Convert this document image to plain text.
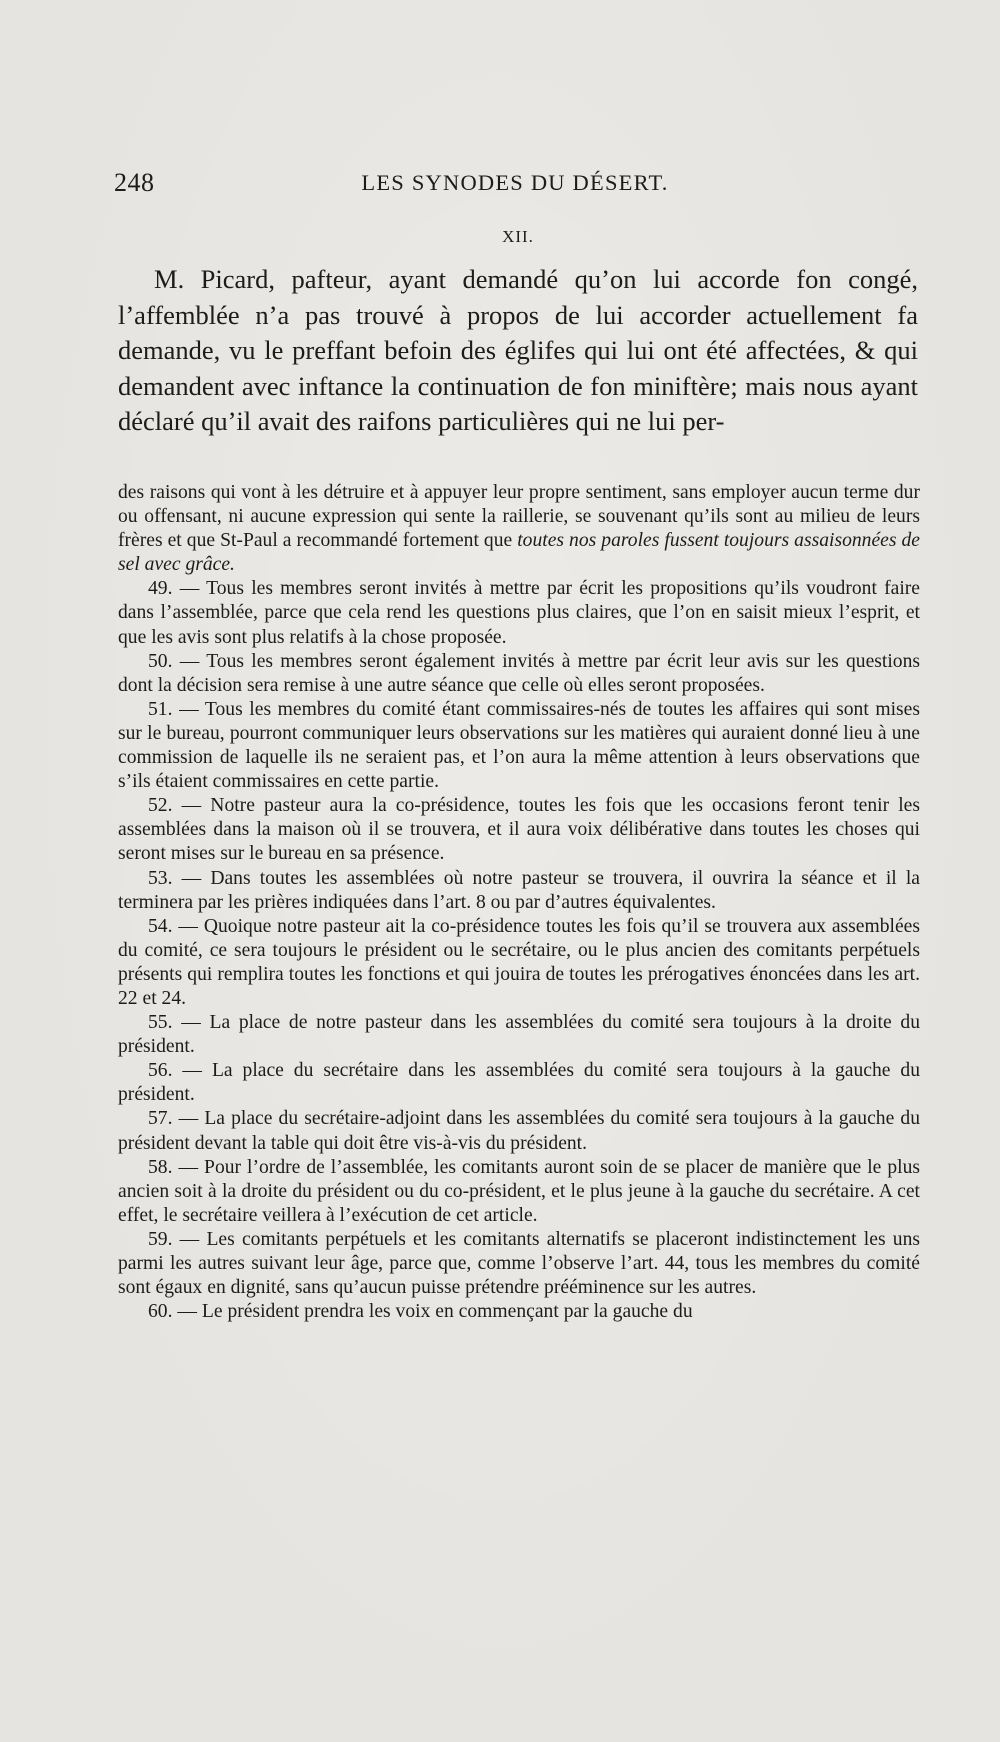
248	LES SYNODES DU DÉSERT.
XII.

M. Picard, pafteur, ayant demandé qu’on lui accorde fon congé, l’affemblée n’a pas trouvé à propos de lui accorder actuellement fa demande, vu le preffant befoin des églifes qui lui ont été affectées, & qui demandent avec inftance la continuation de fon miniftère; mais nous ayant déclaré qu’il avait des raifons particulières qui ne lui per-

des raisons qui vont à les détruire et à appuyer leur propre sentiment, sans employer aucun terme dur ou offensant, ni aucune expression qui sente la raillerie, se souvenant qu’ils sont au milieu de leurs frères et que St-Paul a recommandé fortement que toutes nos paroles fussent toujours assaisonnées de sel avec grâce.

49. — Tous les membres seront invités à mettre par écrit les propositions qu’ils voudront faire dans l’assemblée, parce que cela rend les questions plus claires, que l’on en saisit mieux l’esprit, et que les avis sont plus relatifs à la chose proposée.

50. — Tous les membres seront également invités à mettre par écrit leur avis sur les questions dont la décision sera remise à une autre séance que celle où elles seront proposées.

51. — Tous les membres du comité étant commissaires-nés de toutes les affaires qui sont mises sur le bureau, pourront communiquer leurs observations sur les matières qui auraient donné lieu à une commission de laquelle ils ne seraient pas, et l’on aura la même attention à leurs observations que s’ils étaient commissaires en cette partie.

52. — Notre pasteur aura la co-présidence, toutes les fois que les occasions feront tenir les assemblées dans la maison où il se trouvera, et il aura voix délibérative dans toutes les choses qui seront mises sur le bureau en sa présence.

53. — Dans toutes les assemblées où notre pasteur se trouvera, il ouvrira la séance et il la terminera par les prières indiquées dans l’art. 8 ou par d’autres équivalentes.

54. — Quoique notre pasteur ait la co-présidence toutes les fois qu’il se trouvera aux assemblées du comité, ce sera toujours le président ou le secrétaire, ou le plus ancien des comitants perpétuels présents qui remplira toutes les fonctions et qui jouira de toutes les prérogatives énoncées dans les art. 22 et 24.

55. — La place de notre pasteur dans les assemblées du comité sera toujours à la droite du président.

56. — La place du secrétaire dans les assemblées du comité sera toujours à la gauche du président.

57. — La place du secrétaire-adjoint dans les assemblées du comité sera toujours à la gauche du président devant la table qui doit être vis-à-vis du président.

58. — Pour l’ordre de l’assemblée, les comitants auront soin de se placer de manière que le plus ancien soit à la droite du président ou du co-président, et le plus jeune à la gauche du secrétaire. A cet effet, le secrétaire veillera à l’exécution de cet article.

59. — Les comitants perpétuels et les comitants alternatifs se placeront indistinctement les uns parmi les autres suivant leur âge, parce que, comme l’observe l’art. 44, tous les membres du comité sont égaux en dignité, sans qu’aucun puisse prétendre prééminence sur les autres.

60. — Le président prendra les voix en commençant par la gauche du
